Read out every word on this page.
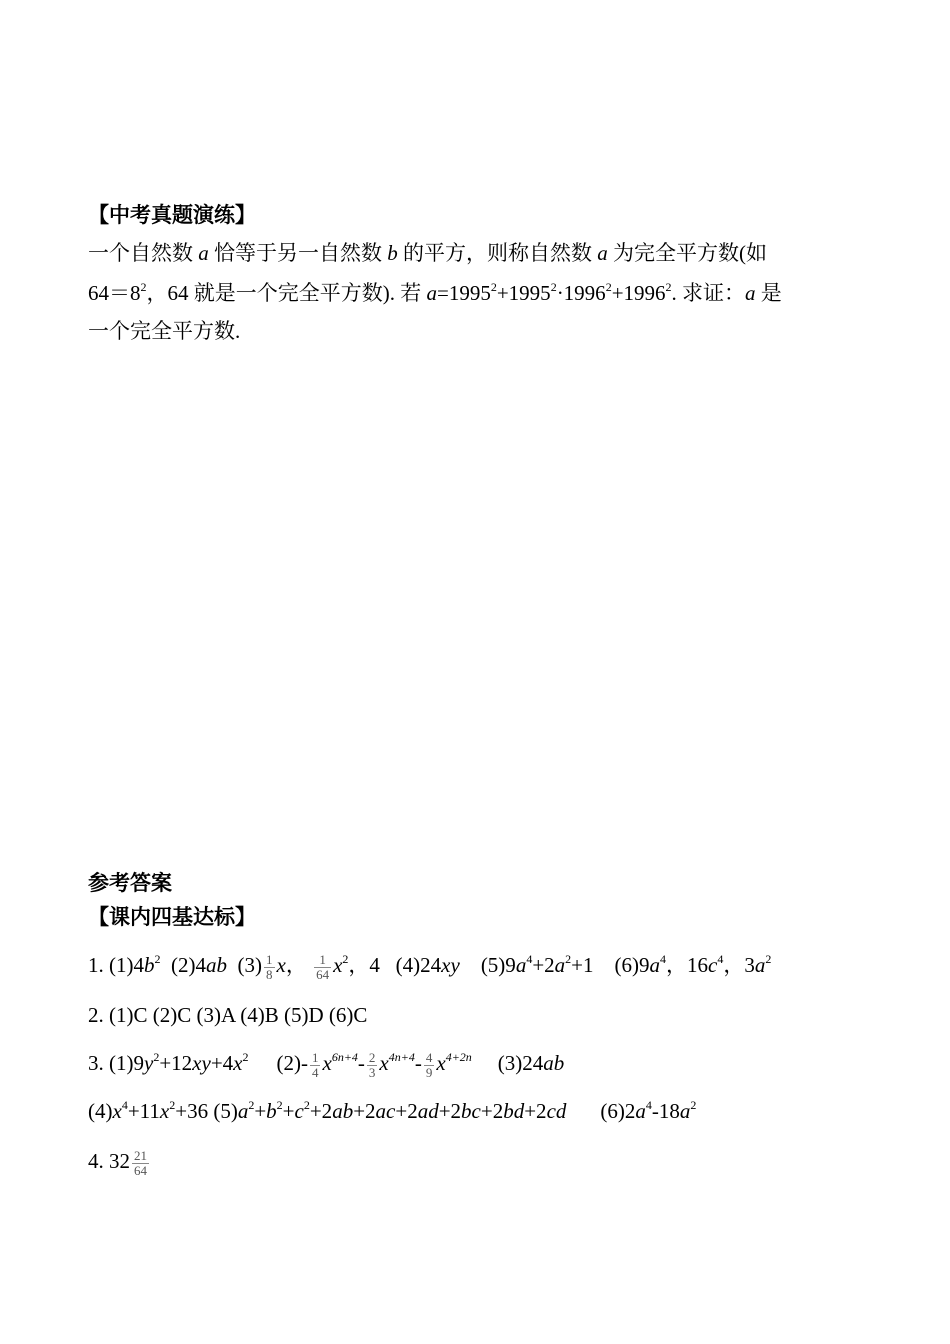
【中考真题演练】
一个自然数 a 恰等于另一自然数 b 的平方，则称自然数 a 为完全平方数(如
$64=8^2$，64 就是一个完全平方数). 若 $a=1995^2+1995^2\cdot 1996^2+1996^2$. 求证：a 是
一个完全平方数.
参考答案
【课内四基达标】
1. $(1)4b^2$ (2)4ab $(3) \frac{1}{8}$ x， $\frac{1}{64} x^2$，4 (4)24xy $(5)9a^4+2a^2+1$ $(6)9a^4$，$16c^4$，$3a^2$
2. (1)C (2)C (3)A (4)B (5)D (6)C
3. $(1)9y^2+12xy+4x^2$ $(2)- \frac{1}{4} x^{6n+4}- \frac{2}{3} x^{4n+4}- \frac{4}{9} x^{4+2n}$ (3)24ab
$(4)x^4+11x^2+36$ $(5)a^2+b^2+c^2+2ab+2ac+2ad+2bc+2bd+2cd$ $(6)2a^4-18a^2$
4. $32 \frac{21}{64}$
